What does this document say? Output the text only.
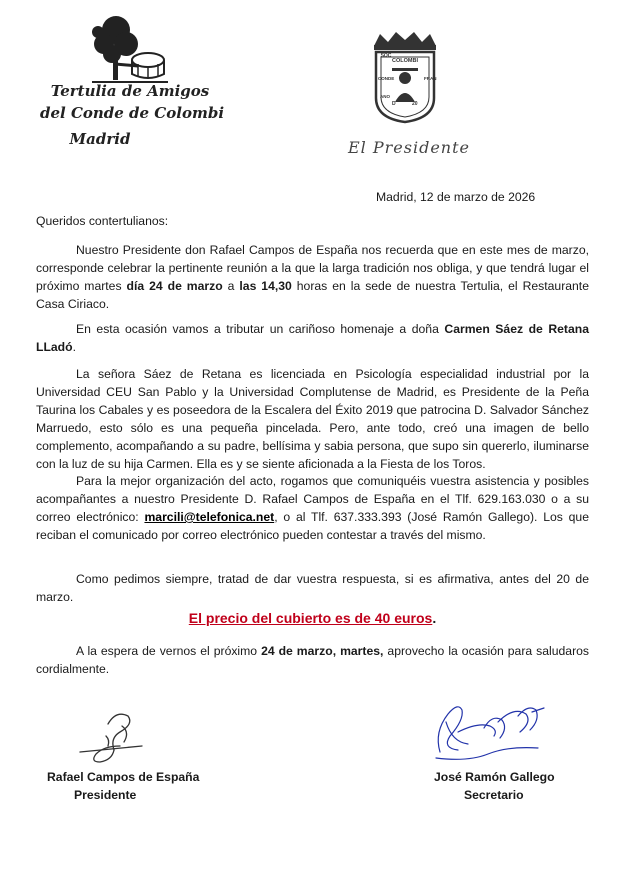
Tertulia de Amigos
del Conde de Colombi
Madrid
SOC
COLOMBI
CONDE	FRAN
ANO
D	20
El Presidente
Madrid, 12 de marzo de 2026
Queridos contertulianos:

Nuestro Presidente don Rafael Campos de España nos recuerda que en este mes de marzo, corresponde celebrar la pertinente reunión a la que la larga tradición nos obliga, y que tendrá lugar el próximo martes día 24 de marzo a las 14,30 horas en la sede de nuestra Tertulia, el Restaurante Casa Ciriaco.

En esta ocasión vamos a tributar un cariñoso homenaje a doña Carmen Sáez de Retana LLadó.

La señora Sáez de Retana es licenciada en Psicología especialidad industrial por la Universidad CEU San Pablo y la Universidad Complutense de Madrid, es Presidente de la Peña Taurina los Cabales y es poseedora de la Escalera del Éxito 2019 que patrocina D. Salvador Sánchez Marruedo, esto sólo es una pequeña pincelada. Pero, ante todo, creó una imagen de bello complemento, acompañando a su padre, bellísima y sabia persona, que supo sin quererlo, iluminarse con la luz de su hija Carmen. Ella es y se siente aficionada a la Fiesta de los Toros.

Para la mejor organización del acto, rogamos que comuniquéis vuestra asistencia y posibles acompañantes a nuestro Presidente D. Rafael Campos de España en el Tlf. 629.163.030 o a su correo electrónico: marcili@telefonica.net, o al Tlf. 637.333.393 (José Ramón Gallego). Los que reciban el comunicado por correo electrónico pueden contestar a través del mismo.

Como pedimos siempre, tratad de dar vuestra respuesta, si es afirmativa, antes del 20 de marzo.

El precio del cubierto es de 40 euros.

A la espera de vernos el próximo 24 de marzo, martes, aprovecho la ocasión para saludaros cordialmente.

Rafael Campos de España
Presidente
José Ramón Gallego
Secretario
